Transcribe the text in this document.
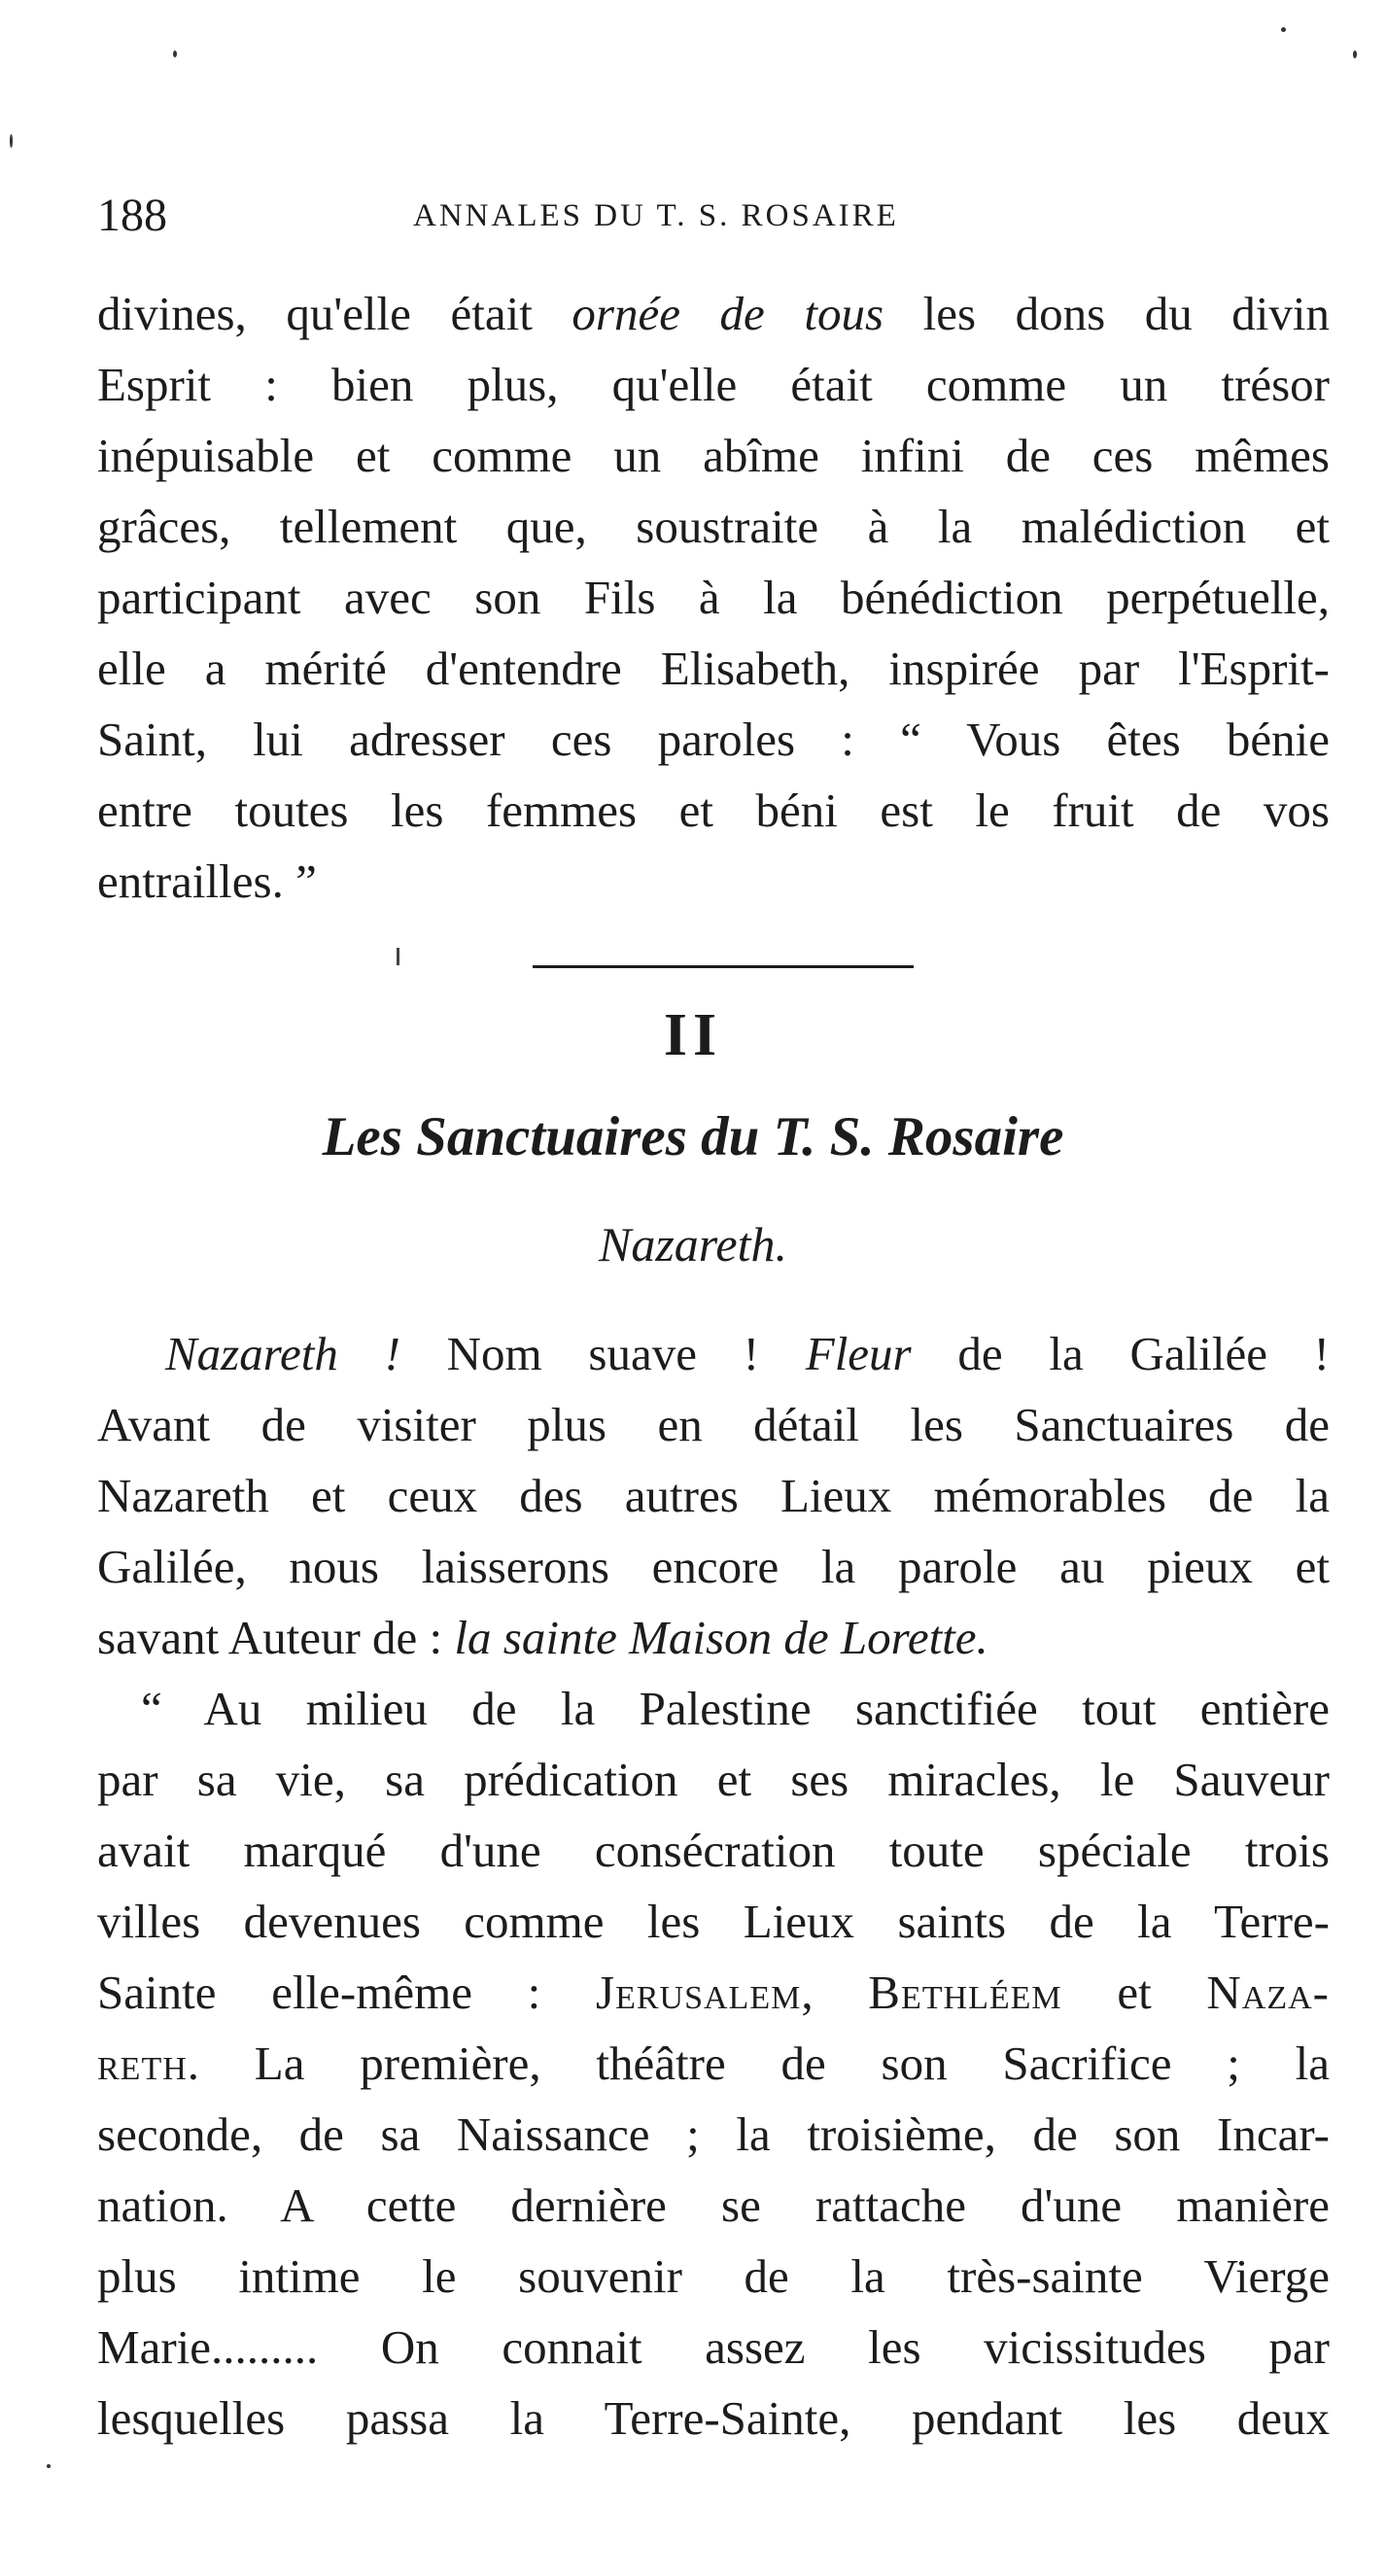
188	ANNALES DU T. S. ROSAIRE
divines, qu'elle était ornée de tous les dons du divin
Esprit : bien plus, qu'elle était comme un trésor
inépuisable et comme un abîme infini de ces mêmes
grâces, tellement que, soustraite à la malédiction et
participant avec son Fils à la bénédiction perpétuelle,
elle a mérité d'entendre Elisabeth, inspirée par l'Esprit-
Saint, lui adresser ces paroles : “ Vous êtes bénie
entre toutes les femmes et béni est le fruit de vos
entrailles. ”
II
Les Sanctuaires du T. S. Rosaire
Nazareth.
Nazareth ! Nom suave ! Fleur de la Galilée !
Avant de visiter plus en détail les Sanctuaires de
Nazareth et ceux des autres Lieux mémorables de la
Galilée, nous laisserons encore la parole au pieux et
savant Auteur de : la sainte Maison de Lorette.
“ Au milieu de la Palestine sanctifiée tout entière
par sa vie, sa prédication et ses miracles, le Sauveur
avait marqué d'une consécration toute spéciale trois
villes devenues comme les Lieux saints de la Terre-
Sainte elle-même : Jerusalem, Bethléem et Naza-
reth. La première, théâtre de son Sacrifice ; la
seconde, de sa Naissance ; la troisième, de son Incar-
nation. A cette dernière se rattache d'une manière
plus intime le souvenir de la très-sainte Vierge
Marie......... On connait assez les vicissitudes par
lesquelles passa la Terre-Sainte, pendant les deux
